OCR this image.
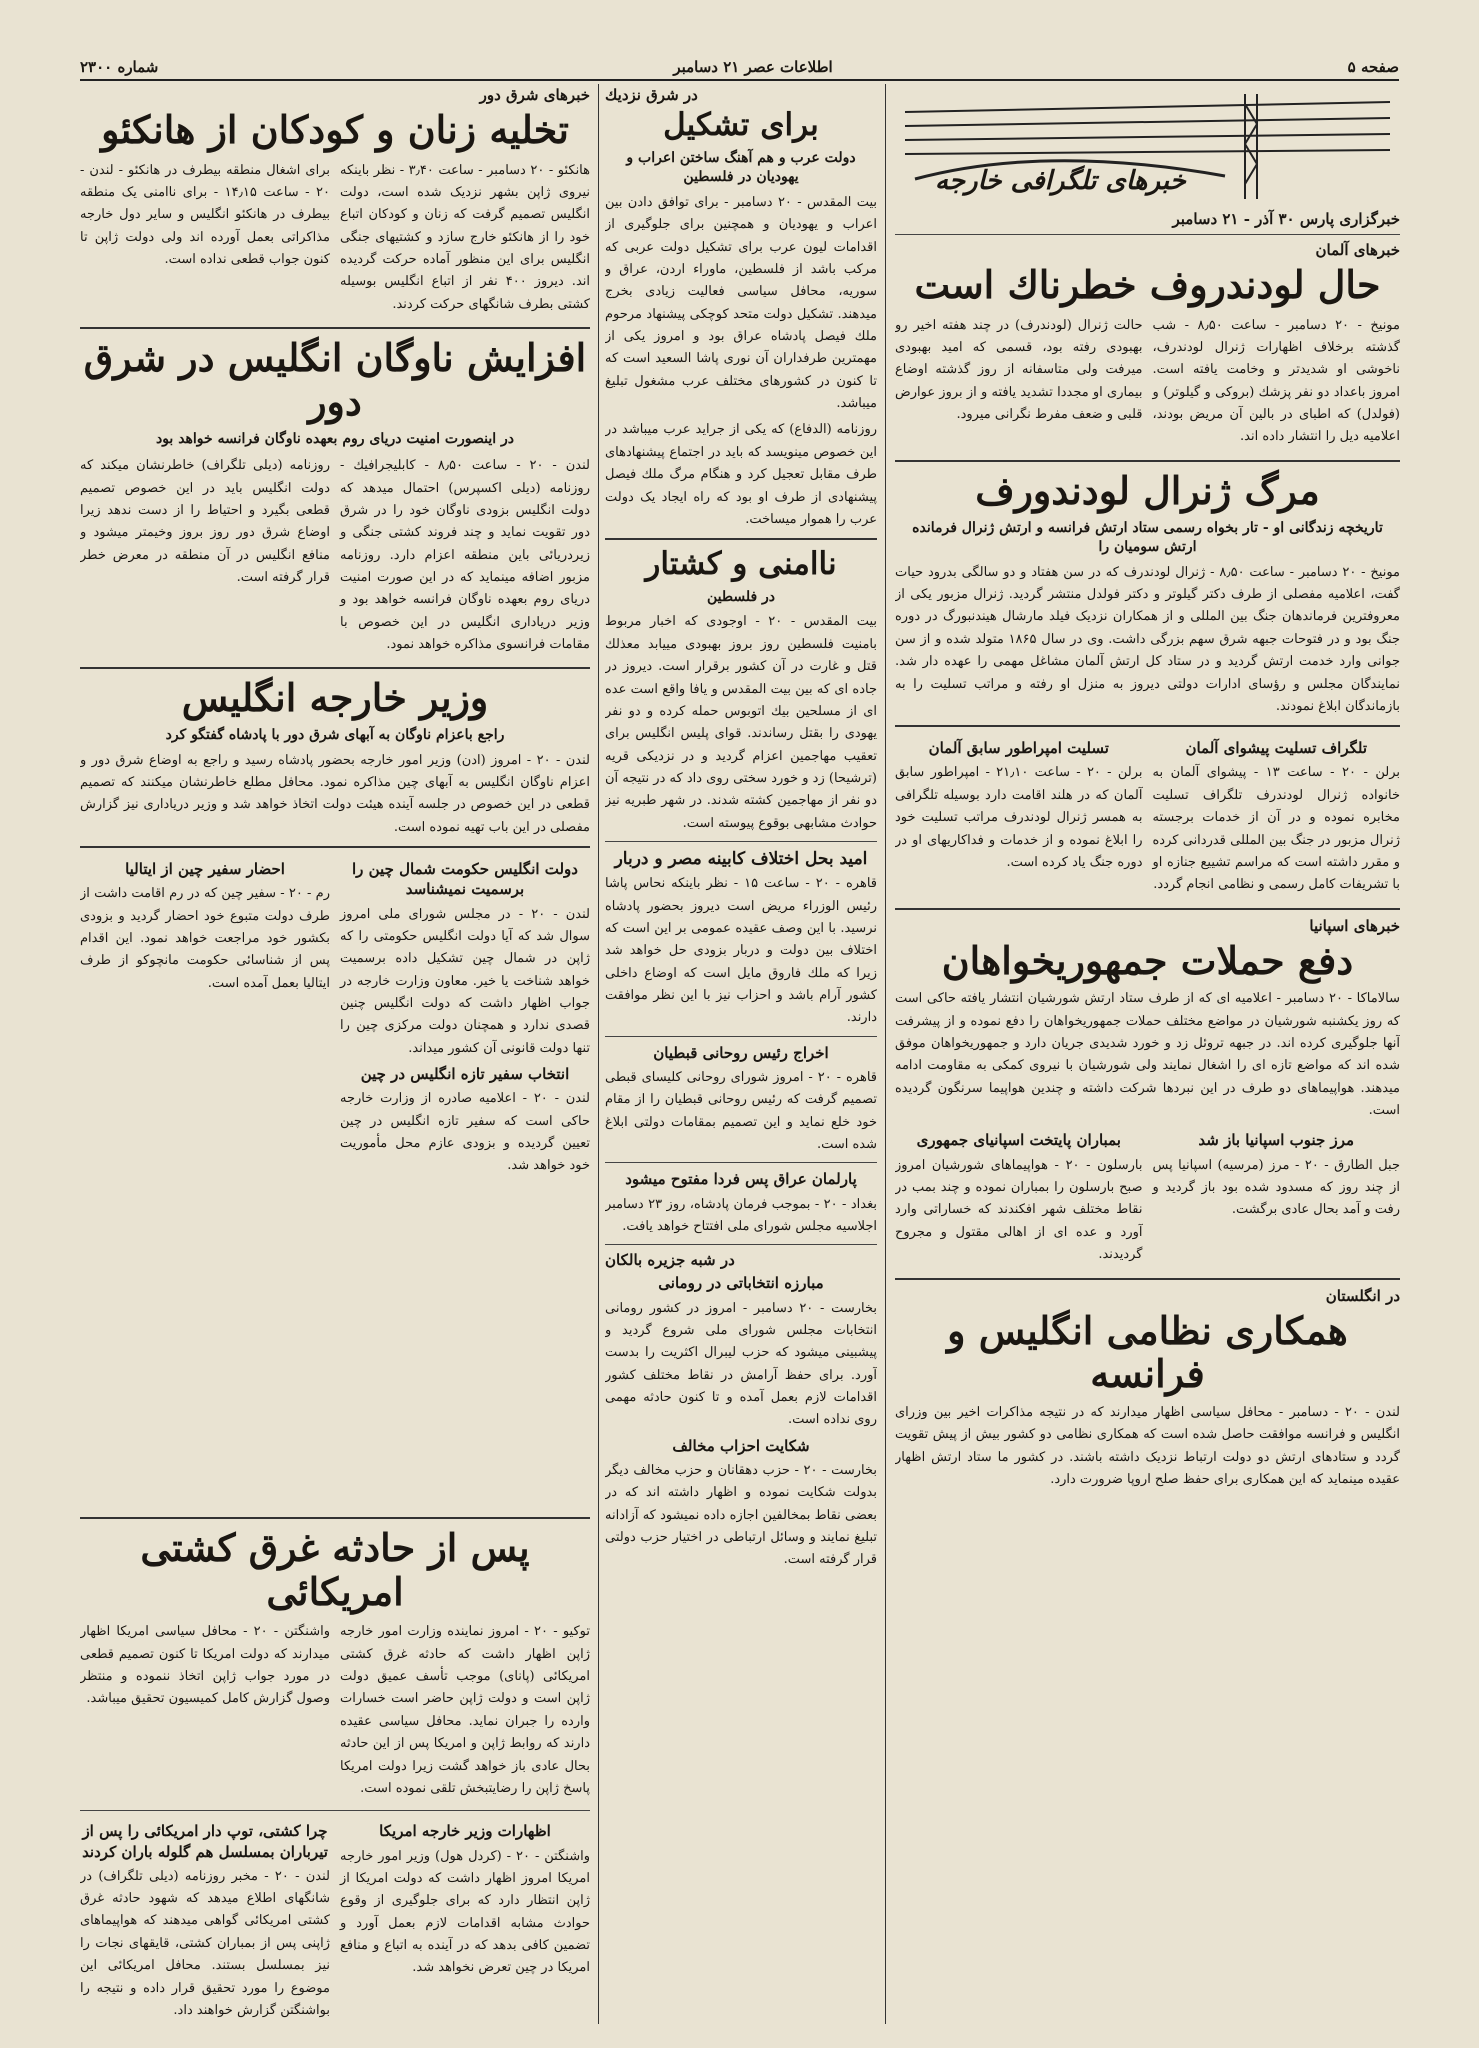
صفحه ۵
اطلاعات عصر ۲۱ دسامبر
شماره ۲۳۰۰
خبرهای تلگرافی خارجه
خبرگزاری پارس ۳۰ آذر - ۲۱ دسامبر
خبرهای آلمان
حال لودندروف خطرناك است
مونیخ - ۲۰ دسامبر - ساعت ۸٫۵۰ - شب گذشته برخلاف اظهارات ژنرال لودندرف، ناخوشی او شدیدتر و وخامت یافته است. امروز باعداد دو نفر پزشك (بروکی و گیلوتر) و (فولدل) که اطبای در بالین آن مریض بودند، اعلامیه دیل را انتشار داده اند.
حالت ژنرال (لودندرف) در چند هفته اخیر رو بهبودی رفته بود، قسمی که امید بهبودی میرفت ولی متاسفانه از روز گذشته اوضاع بیماری او مجددا تشدید یافته و از بروز عوارض قلبی و ضعف مفرط نگرانی میرود.
مرگ ژنرال لودندورف
تاریخچه زندگانی او - تار بخواه رسمی ستاد ارتش فرانسه و ارتش ژنرال فرمانده ارتش سومیان را
مونیخ - ۲۰ دسامبر - ساعت ۸٫۵۰ - ژنرال لودندرف که در سن هفتاد و دو سالگی بدرود حیات گفت، اعلامیه مفصلی از طرف دکتر گیلوتر و دکتر فولدل منتشر گردید. ژنرال مزبور یکی از معروفترین فرماندهان جنگ بین المللی و از همکاران نزدیک فیلد مارشال هیندنبورگ در دوره جنگ بود و در فتوحات جبهه شرق سهم بزرگی داشت. وی در سال ۱۸۶۵ متولد شده و از سن جوانی وارد خدمت ارتش گردید و در ستاد کل ارتش آلمان مشاغل مهمی را عهده دار شد. نمایندگان مجلس و رؤسای ادارات دولتی دیروز به منزل او رفته و مراتب تسلیت را به بازماندگان ابلاغ نمودند.
تلگراف تسلیت پیشوای آلمان
برلن - ۲۰ - ساعت ۱۳ - پیشوای آلمان به خانواده ژنرال لودندرف تلگراف تسلیت مخابره نموده و در آن از خدمات برجسته ژنرال مزبور در جنگ بین المللی قدردانی کرده و مقرر داشته است که مراسم تشییع جنازه او با تشریفات کامل رسمی و نظامی انجام گردد.
تسلیت امپراطور سابق آلمان
برلن - ۲۰ - ساعت ۲۱٫۱۰ - امپراطور سابق آلمان که در هلند اقامت دارد بوسیله تلگرافی به همسر ژنرال لودندرف مراتب تسلیت خود را ابلاغ نموده و از خدمات و فداکاریهای او در دوره جنگ یاد کرده است.
خبرهای اسپانیا
دفع حملات جمهوریخواهان
سالاماکا - ۲۰ دسامبر - اعلامیه ای که از طرف ستاد ارتش شورشیان انتشار یافته حاکی است که روز یکشنبه شورشیان در مواضع مختلف حملات جمهوریخواهان را دفع نموده و از پیشرفت آنها جلوگیری کرده اند. در جبهه تروئل زد و خورد شدیدی جریان دارد و جمهوریخواهان موفق شده اند که مواضع تازه ای را اشغال نمایند ولی شورشیان با نیروی کمکی به مقاومت ادامه میدهند. هواپیماهای دو طرف در این نبردها شرکت داشته و چندین هواپیما سرنگون گردیده است.
مرز جنوب اسپانیا باز شد
جبل الطارق - ۲۰ - مرز (مرسیه) اسپانیا پس از چند روز که مسدود شده بود باز گردید و رفت و آمد بحال عادی برگشت.
بمباران پایتخت اسپانیای جمهوری
بارسلون - ۲۰ - هواپیماهای شورشیان امروز صبح بارسلون را بمباران نموده و چند بمب در نقاط مختلف شهر افکندند که خساراتی وارد آورد و عده ای از اهالی مقتول و مجروح گردیدند.
در انگلستان
همکاری نظامی انگلیس و فرانسه
لندن - ۲۰ - دسامبر - محافل سیاسی اظهار میدارند که در نتیجه مذاکرات اخیر بین وزرای انگلیس و فرانسه موافقت حاصل شده است که همکاری نظامی دو کشور بیش از پیش تقویت گردد و ستادهای ارتش دو دولت ارتباط نزدیک داشته باشند. در کشور ما ستاد ارتش اظهار عقیده مینماید که این همکاری برای حفظ صلح اروپا ضرورت دارد.
در شرق نزدیك
برای تشکیل
دولت عرب و هم آهنگ ساختن اعراب و یهودیان در فلسطین
بیت المقدس - ۲۰ دسامبر - برای توافق دادن بین اعراب و یهودیان و همچنین برای جلوگیری از اقدامات لیون عرب برای تشکیل دولت عربی که مرکب باشد از فلسطین، ماوراء اردن، عراق و سوریه، محافل سیاسی فعالیت زیادی بخرج میدهند. تشکیل دولت متحد کوچکی پیشنهاد مرحوم ملك فیصل پادشاه عراق بود و امروز یکی از مهمترین طرفداران آن نوری پاشا السعید است که تا کنون در کشورهای مختلف عرب مشغول تبلیغ میباشد.
روزنامه (الدفاع) که یکی از جراید عرب میباشد در این خصوص مینویسد که باید در اجتماع پیشنهادهای طرف مقابل تعجیل کرد و هنگام مرگ ملك فیصل پیشنهادی از طرف او بود که راه ایجاد یک دولت عرب را هموار میساخت.
ناامنی و کشتار
در فلسطین
بیت المقدس - ۲۰ - اوجودی که اخبار مربوط بامنیت فلسطین روز بروز بهبودی مییابد معذلك قتل و غارت در آن کشور برقرار است. دیروز در جاده ای که بین بیت المقدس و یافا واقع است عده ای از مسلحین بیك اتوبوس حمله کرده و دو نفر یهودی را بقتل رساندند. قوای پلیس انگلیس برای تعقیب مهاجمین اعزام گردید و در نزدیکی قریه (ترشیحا) زد و خورد سختی روی داد که در نتیجه آن دو نفر از مهاجمین کشته شدند. در شهر طبریه نیز حوادث مشابهی بوقوع پیوسته است.
امید بحل اختلاف کابینه مصر و دربار
قاهره - ۲۰ - ساعت ۱۵ - نظر باینکه نحاس پاشا رئیس الوزراء مریض است دیروز بحضور پادشاه نرسید. با این وصف عقیده عمومی بر این است که اختلاف بین دولت و دربار بزودی حل خواهد شد زیرا که ملك فاروق مایل است که اوضاع داخلی کشور آرام باشد و احزاب نیز با این نظر موافقت دارند.
اخراج رئیس روحانی قبطیان
قاهره - ۲۰ - امروز شورای روحانی کلیسای قبطی تصمیم گرفت که رئیس روحانی قبطیان را از مقام خود خلع نماید و این تصمیم بمقامات دولتی ابلاغ شده است.
پارلمان عراق پس فردا مفتوح میشود
بغداد - ۲۰ - بموجب فرمان پادشاه، روز ۲۳ دسامبر اجلاسیه مجلس شورای ملی افتتاح خواهد یافت.
در شبه جزیره بالکان
مبارزه انتخاباتی در رومانی
بخارست - ۲۰ دسامبر - امروز در کشور رومانی انتخابات مجلس شورای ملی شروع گردید و پیشبینی میشود که حزب لیبرال اکثریت را بدست آورد. برای حفظ آرامش در نقاط مختلف کشور اقدامات لازم بعمل آمده و تا کنون حادثه مهمی روی نداده است.
شکایت احزاب مخالف
بخارست - ۲۰ - حزب دهقانان و حزب مخالف دیگر بدولت شکایت نموده و اظهار داشته اند که در بعضی نقاط بمخالفین اجازه داده نمیشود که آزادانه تبلیغ نمایند و وسائل ارتباطی در اختیار حزب دولتی قرار گرفته است.
خبرهای شرق دور
تخلیه زنان و کودکان از هانکئو
هانکئو - ۲۰ دسامبر - ساعت ۳٫۴۰ - نظر باینکه نیروی ژاپن بشهر نزدیک شده است، دولت انگلیس تصمیم گرفت که زنان و کودکان اتباع خود را از هانکئو خارج سازد و کشتیهای جنگی انگلیس برای این منظور آماده حرکت گردیده اند. دیروز ۴۰۰ نفر از اتباع انگلیس بوسیله کشتی بطرف شانگهای حرکت کردند.
برای اشغال منطقه بیطرف در هانکئو - لندن - ۲۰ - ساعت ۱۴٫۱۵ - برای ناامنی یک منطقه بیطرف در هانکئو انگلیس و سایر دول خارجه مذاکراتی بعمل آورده اند ولی دولت ژاپن تا کنون جواب قطعی نداده است.
افزایش ناوگان انگلیس در شرق دور
در اینصورت امنیت دریای روم بعهده ناوگان فرانسه خواهد بود
لندن - ۲۰ - ساعت ۸٫۵۰ - کابلیجرافیك - روزنامه (دیلی اکسپرس) احتمال میدهد که دولت انگلیس بزودی ناوگان خود را در شرق دور تقویت نماید و چند فروند کشتی جنگی و زیردریائی باین منطقه اعزام دارد. روزنامه مزبور اضافه مینماید که در این صورت امنیت دریای روم بعهده ناوگان فرانسه خواهد بود و وزیر دریاداری انگلیس در این خصوص با مقامات فرانسوی مذاکره خواهد نمود.
روزنامه (دیلی تلگراف) خاطرنشان میکند که دولت انگلیس باید در این خصوص تصمیم قطعی بگیرد و احتیاط را از دست ندهد زیرا اوضاع شرق دور روز بروز وخیمتر میشود و منافع انگلیس در آن منطقه در معرض خطر قرار گرفته است.
وزیر خارجه انگلیس
راجع باعزام ناوگان به آبهای شرق دور با پادشاه گفتگو کرد
لندن - ۲۰ - امروز (ادن) وزیر امور خارجه بحضور پادشاه رسید و راجع به اوضاع شرق دور و اعزام ناوگان انگلیس به آبهای چین مذاکره نمود. محافل مطلع خاطرنشان میکنند که تصمیم قطعی در این خصوص در جلسه آینده هیئت دولت اتخاذ خواهد شد و وزیر دریاداری نیز گزارش مفصلی در این باب تهیه نموده است.
دولت انگلیس حکومت شمال چین را برسمیت نمیشناسد
لندن - ۲۰ - در مجلس شورای ملی امروز سوال شد که آیا دولت انگلیس حکومتی را که ژاپن در شمال چین تشکیل داده برسمیت خواهد شناخت یا خیر. معاون وزارت خارجه در جواب اظهار داشت که دولت انگلیس چنین قصدی ندارد و همچنان دولت مرکزی چین را تنها دولت قانونی آن کشور میداند.
انتخاب سفیر تازه انگلیس در چین
لندن - ۲۰ - اعلامیه صادره از وزارت خارجه حاکی است که سفیر تازه انگلیس در چین تعیین گردیده و بزودی عازم محل مأموریت خود خواهد شد.
احضار سفیر چین از ایتالیا
رم - ۲۰ - سفیر چین که در رم اقامت داشت از طرف دولت متبوع خود احضار گردید و بزودی بکشور خود مراجعت خواهد نمود. این اقدام پس از شناسائی حکومت مانچوکو از طرف ایتالیا بعمل آمده است.
پس از حادثه غرق کشتی امریکائی
توکیو - ۲۰ - امروز نماینده وزارت امور خارجه ژاپن اظهار داشت که حادثه غرق کشتی امریکائی (پانای) موجب تأسف عمیق دولت ژاپن است و دولت ژاپن حاضر است خسارات وارده را جبران نماید. محافل سیاسی عقیده دارند که روابط ژاپن و امریکا پس از این حادثه بحال عادی باز خواهد گشت زیرا دولت امریکا پاسخ ژاپن را رضایتبخش تلقی نموده است.
واشنگتن - ۲۰ - محافل سیاسی امریکا اظهار میدارند که دولت امریکا تا کنون تصمیم قطعی در مورد جواب ژاپن اتخاذ ننموده و منتظر وصول گزارش کامل کمیسیون تحقیق میباشد.
اظهارات وزیر خارجه امریکا
واشنگتن - ۲۰ - (کردل هول) وزیر امور خارجه امریکا امروز اظهار داشت که دولت امریکا از ژاپن انتظار دارد که برای جلوگیری از وقوع حوادث مشابه اقدامات لازم بعمل آورد و تضمین کافی بدهد که در آینده به اتباع و منافع امریکا در چین تعرض نخواهد شد.
چرا کشتی، توپ دار امریکائی را پس از تیرباران بمسلسل هم گلوله باران کردند
لندن - ۲۰ - مخبر روزنامه (دیلی تلگراف) در شانگهای اطلاع میدهد که شهود حادثه غرق کشتی امریکائی گواهی میدهند که هواپیماهای ژاپنی پس از بمباران کشتی، قایقهای نجات را نیز بمسلسل بستند. محافل امریکائی این موضوع را مورد تحقیق قرار داده و نتیجه را بواشنگتن گزارش خواهند داد.
